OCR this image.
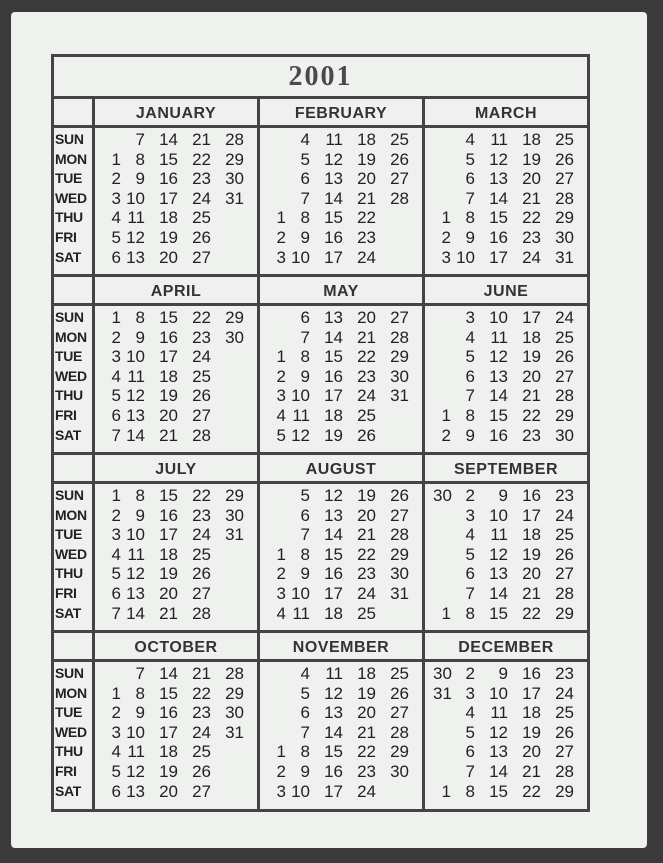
2001
SUN
MON
TUE
WED
THU
FRI
SAT
JANUARY
7 14 21 28
1 8 15 22 29
2 9 16 23 30
3 10 17 24 31
4 11 18 25
5 12 19 26
6 13 20 27
FEBRUARY
4 11 18 25
5 12 19 26
6 13 20 27
7 14 21 28
1 8 15 22
2 9 16 23
3 10 17 24
MARCH
4 11 18 25
5 12 19 26
6 13 20 27
7 14 21 28
1 8 15 22 29
2 9 16 23 30
3 10 17 24 31
SUN
MON
TUE
WED
THU
FRI
SAT
APRIL
1 8 15 22 29
2 9 16 23 30
3 10 17 24
4 11 18 25
5 12 19 26
6 13 20 27
7 14 21 28
MAY
6 13 20 27
7 14 21 28
1 8 15 22 29
2 9 16 23 30
3 10 17 24 31
4 11 18 25
5 12 19 26
JUNE
3 10 17 24
4 11 18 25
5 12 19 26
6 13 20 27
7 14 21 28
1 8 15 22 29
2 9 16 23 30
SUN
MON
TUE
WED
THU
FRI
SAT
JULY
1 8 15 22 29
2 9 16 23 30
3 10 17 24 31
4 11 18 25
5 12 19 26
6 13 20 27
7 14 21 28
AUGUST
5 12 19 26
6 13 20 27
7 14 21 28
1 8 15 22 29
2 9 16 23 30
3 10 17 24 31
4 11 18 25
SEPTEMBER
30 2	9 16 23
3 10 17 24
4 11 18 25
5 12 19 26
6 13 20 27
7 14 21 28
1 8 15 22 29
SUN
MON
TUE
WED
THU
FRI
SAT
OCTOBER
7 14 21 28
1 8 15 22 29
2 9 16 23 30
3 10 17 24 31
4 11 18 25
5 12 19 26
6 13 20 27
NOVEMBER
4 11 18 25
5 12 19 26
6 13 20 27
7 14 21 28
1 8 15 22 29
2 9 16 23 30
3 10 17 24
DECEMBER
30 2	9 16 23
31 3 10 17 24
4 11 18 25
5 12 19 26
6 13 20 27
7 14 21 28
1 8 15 22 29
